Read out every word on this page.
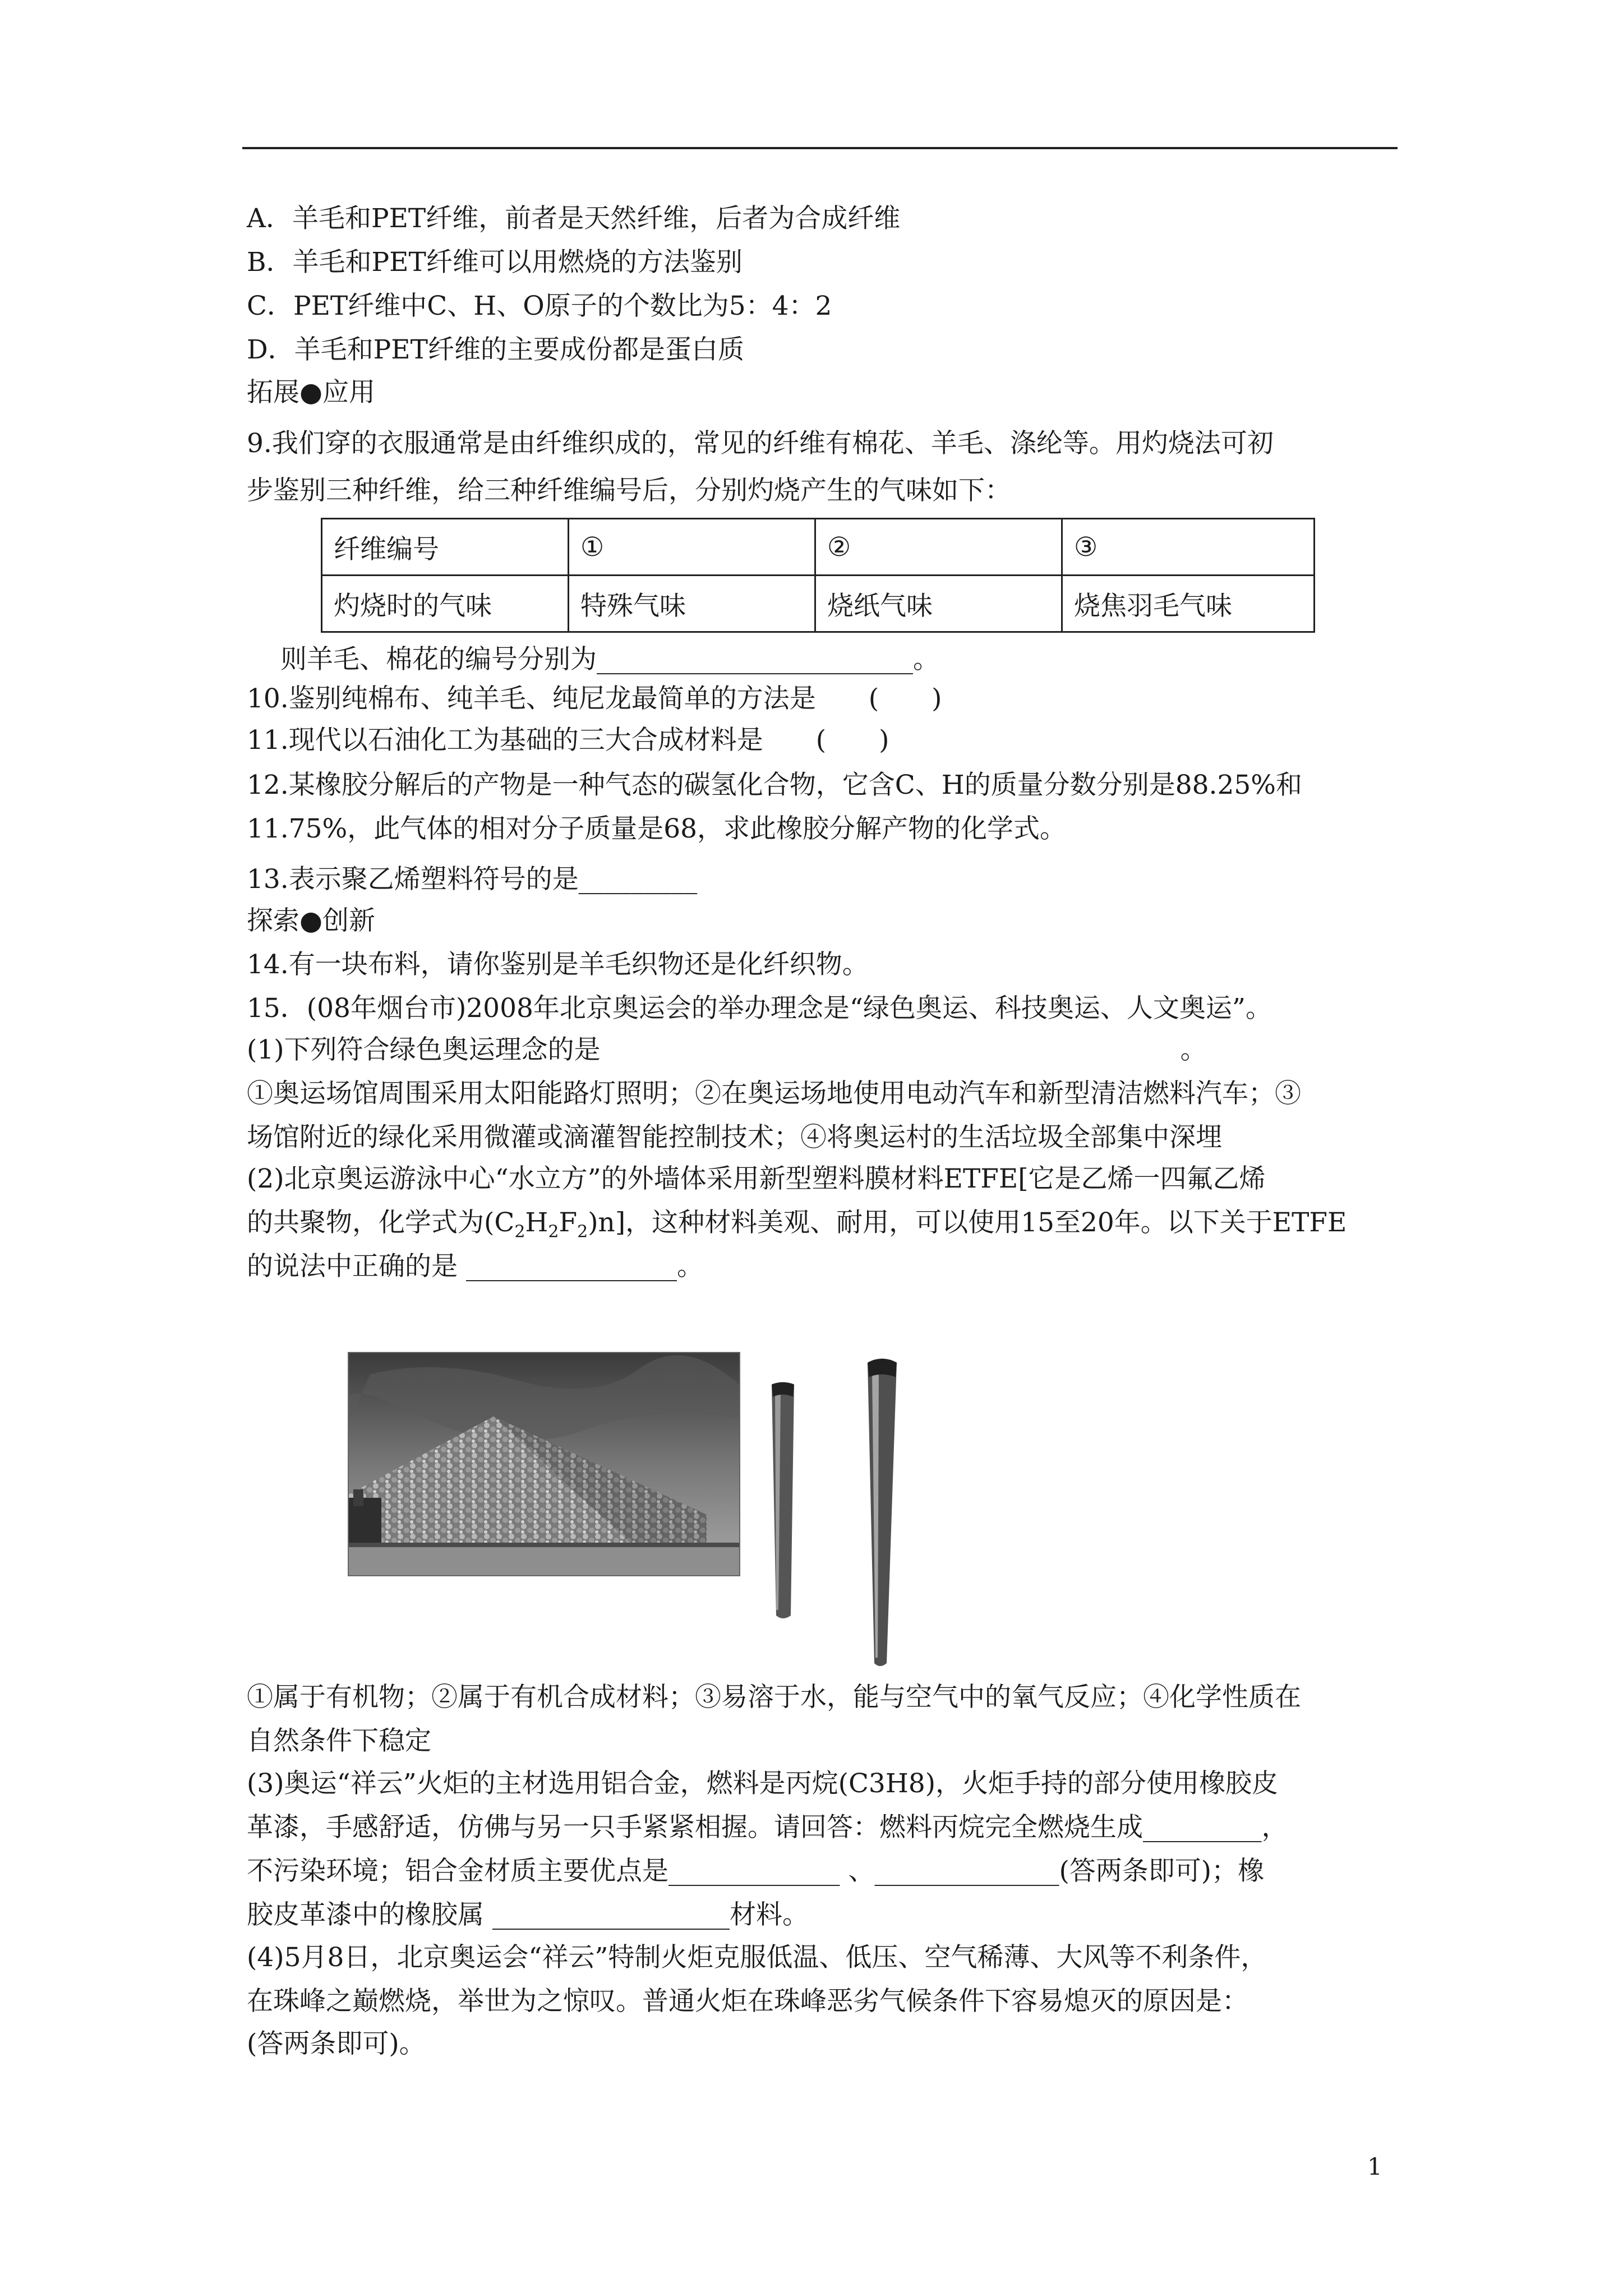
A．羊毛和PET纤维，前者是天然纤维，后者为合成纤维

B．羊毛和PET纤维可以用燃烧的方法鉴别

C．PET纤维中C、H、O原子的个数比为5：4：2

D．羊毛和PET纤维的主要成份都是蛋白质

拓展●应用

9.我们穿的衣服通常是由纤维织成的，常见的纤维有棉花、羊毛、涤纶等。用灼烧法可初

步鉴别三种纤维，给三种纤维编号后，分别灼烧产生的气味如下：

纤维编号	①	②	③
灼烧时的气味	特殊气味	烧纸气味	烧焦羽毛气味

则羊毛、棉花的编号分别为________________________。

10.鉴别纯棉布、纯羊毛、纯尼龙最简单的方法是　　(　　)

11.现代以石油化工为基础的三大合成材料是　　(　　)

12.某橡胶分解后的产物是一种气态的碳氢化合物，它含C、H的质量分数分别是88.25%和

11.75%，此气体的相对分子质量是68，求此橡胶分解产物的化学式。

13.表示聚乙烯塑料符号的是_________

探索●创新

14.有一块布料，请你鉴别是羊毛织物还是化纤织物。

15．(08年烟台市)2008年北京奥运会的举办理念是“绿色奥运、科技奥运、人文奥运”。

(1)下列符合绿色奥运理念的是　　　　　　　　　　　　　　　　　　　　　　。

①奥运场馆周围采用太阳能路灯照明；②在奥运场地使用电动汽车和新型清洁燃料汽车；③

场馆附近的绿化采用微灌或滴灌智能控制技术；④将奥运村的生活垃圾全部集中深埋

(2)北京奥运游泳中心“水立方”的外墙体采用新型塑料膜材料ETFE[它是乙烯一四氟乙烯

的共聚物，化学式为$(C_2H_2F_2)n$]，这种材料美观、耐用，可以使用15至20年。以下关于ETFE

的说法中正确的是 ________________。

①属于有机物；②属于有机合成材料；③易溶于水，能与空气中的氧气反应；④化学性质在

自然条件下稳定

(3)奥运“祥云”火炬的主材选用铝合金，燃料是丙烷(C3H8)，火炬手持的部分使用橡胶皮

革漆，手感舒适，仿佛与另一只手紧紧相握。请回答：燃料丙烷完全燃烧生成_________，

不污染环境；铝合金材质主要优点是_____________ 、______________(答两条即可)；橡

胶皮革漆中的橡胶属 __________________材料。

(4)5月8日，北京奥运会“祥云”特制火炬克服低温、低压、空气稀薄、大风等不利条件，

在珠峰之巅燃烧，举世为之惊叹。普通火炬在珠峰恶劣气候条件下容易熄灭的原因是：

(答两条即可)。

1
